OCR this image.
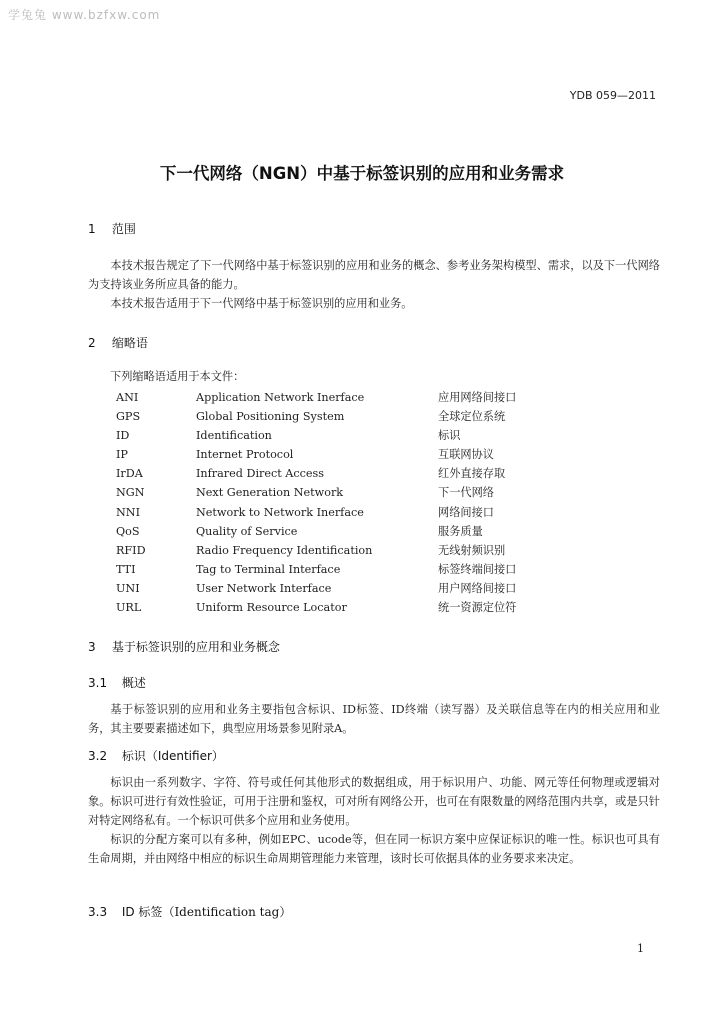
学兔兔 www.bzfxw.com
YDB 059—2011
下一代网络（NGN）中基于标签识别的应用和业务需求
1 范围
本技术报告规定了下一代网络中基于标签识别的应用和业务的概念、参考业务架构模型、需求，以及下一代网络为支持该业务所应具备的能力。
本技术报告适用于下一代网络中基于标签识别的应用和业务。
2 缩略语
下列缩略语适用于本文件：
ANI	Application Network Inerface	应用网络间接口
GPS	Global Positioning System	全球定位系统
ID	Identification	标识
IP	Internet Protocol	互联网协议
IrDA	Infrared Direct Access	红外直接存取
NGN	Next Generation Network	下一代网络
NNI	Network to Network Inerface	网络间接口
QoS	Quality of Service	服务质量
RFID	Radio Frequency Identification	无线射频识别
TTI	Tag to Terminal Interface	标签终端间接口
UNI	User Network Interface	用户网络间接口
URL	Uniform Resource Locator	统一资源定位符
3 基于标签识别的应用和业务概念
3.1 概述
基于标签识别的应用和业务主要指包含标识、ID标签、ID终端（读写器）及关联信息等在内的相关应用和业务，其主要要素描述如下，典型应用场景参见附录A。
3.2 标识（Identifier）
标识由一系列数字、字符、符号或任何其他形式的数据组成，用于标识用户、功能、网元等任何物理或逻辑对象。标识可进行有效性验证，可用于注册和鉴权，可对所有网络公开，也可在有限数量的网络范围内共享，或是只针对特定网络私有。一个标识可供多个应用和业务使用。
标识的分配方案可以有多种，例如EPC、ucode等，但在同一标识方案中应保证标识的唯一性。标识也可具有生命周期，并由网络中相应的标识生命周期管理能力来管理，该时长可依据具体的业务要求来决定。
3.3 ID 标签（Identification tag）
1
